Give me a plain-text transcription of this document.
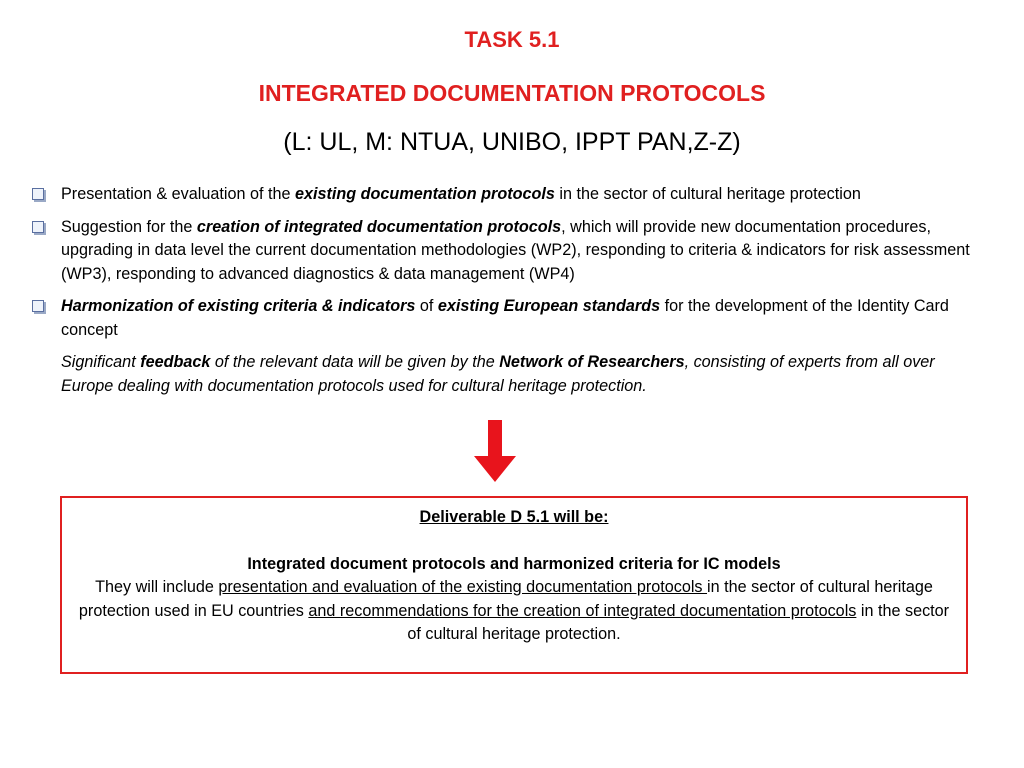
TASK 5.1
INTEGRATED DOCUMENTATION PROTOCOLS
(L: UL, M: NTUA, UNIBO, IPPT PAN,Z-Z)
Presentation & evaluation of the existing documentation protocols in the sector of cultural heritage protection
Suggestion for the creation of integrated documentation protocols, which will provide new documentation procedures, upgrading in data level the current documentation methodologies (WP2), responding to criteria & indicators for risk assessment (WP3), responding to advanced diagnostics & data management (WP4)
Harmonization of existing criteria & indicators of existing European standards for the development of the Identity Card concept
Significant feedback of the relevant data will be given by the Network of Researchers, consisting of experts from all over Europe dealing with documentation protocols used for cultural heritage protection.
Deliverable D 5.1 will be:
Integrated document protocols and harmonized criteria for IC models
They will include presentation and evaluation of the existing documentation protocols in the sector of cultural heritage protection used in EU countries and recommendations for the creation of integrated documentation protocols in the sector of cultural heritage protection.
